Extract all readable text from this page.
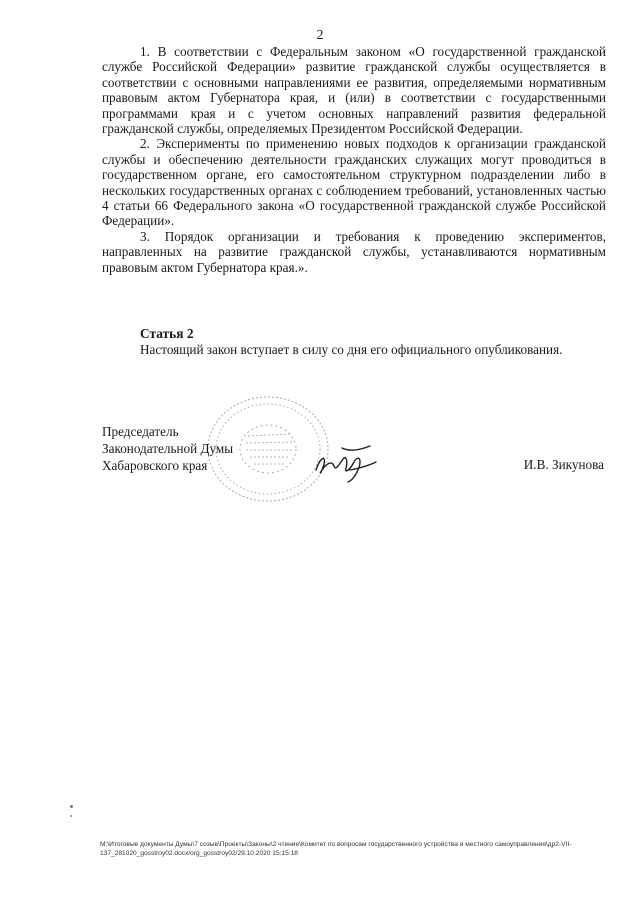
2

1. В соответствии с Федеральным законом «О государственной гражданской службе Российской Федерации» развитие гражданской службы осуществляется в соответствии с основными направлениями ее развития, определяемыми нормативным правовым актом Губернатора края, и (или) в соответствии с государственными программами края и с учетом основных направлений развития федеральной гражданской службы, определяемых Президентом Российской Федерации.

2. Эксперименты по применению новых подходов к организации гражданской службы и обеспечению деятельности гражданских служащих могут проводиться в государственном органе, его самостоятельном структурном подразделении либо в нескольких государственных органах с соблюдением требований, установленных частью 4 статьи 66 Федерального закона «О государственной гражданской службе Российской Федерации».

3. Порядок организации и требования к проведению экспериментов, направленных на развитие гражданской службы, устанавливаются нормативным правовым актом Губернатора края.».

Статья 2

Настоящий закон вступает в силу со дня его официального опубликования.

Председатель
Законодательной Думы
Хабаровского края	И.В. Зикунова
М:\Итоговые документы Думы\7 созыв\Проекты\Законы\2 чтение\Комитет по вопросам государственного устройства и местного самоуправления\др2-VII-
137_281020_gosstroy02.docx/org_gosstroy02/29.10.2020 15:15:18
